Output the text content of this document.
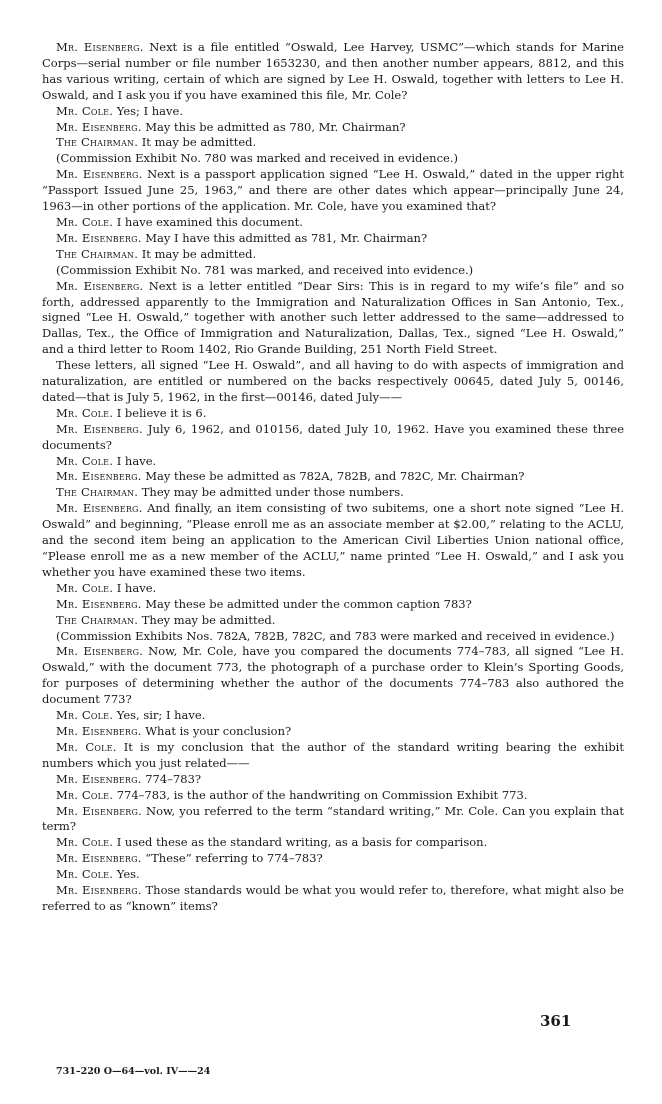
Mr. Eisenberg. Next is a file entitled “Oswald, Lee Harvey, USMC”—which stands for Marine Corps—serial number or file number 1653230, and then another number appears, 8812, and this has various writing, certain of which are signed by Lee H. Oswald, together with letters to Lee H. Oswald, and I ask you if you have examined this file, Mr. Cole?

Mr. Cole. Yes; I have.

Mr. Eisenberg. May this be admitted as 780, Mr. Chairman?

The Chairman. It may be admitted.

(Commission Exhibit No. 780 was marked and received in evidence.)

Mr. Eisenberg. Next is a passport application signed “Lee H. Oswald,” dated in the upper right “Passport Issued June 25, 1963,” and there are other dates which appear—principally June 24, 1963—in other portions of the application. Mr. Cole, have you examined that?

Mr. Cole. I have examined this document.

Mr. Eisenberg. May I have this admitted as 781, Mr. Chairman?

The Chairman. It may be admitted.

(Commission Exhibit No. 781 was marked, and received into evidence.)

Mr. Eisenberg. Next is a letter entitled “Dear Sirs: This is in regard to my wife’s file” and so forth, addressed apparently to the Immigration and Naturalization Offices in San Antonio, Tex., signed “Lee H. Oswald,” together with another such letter addressed to the same—addressed to Dallas, Tex., the Office of Immigration and Naturalization, Dallas, Tex., signed “Lee H. Oswald,” and a third letter to Room 1402, Rio Grande Building, 251 North Field Street.

These letters, all signed “Lee H. Oswald”, and all having to do with aspects of immigration and naturalization, are entitled or numbered on the backs respectively 00645, dated July 5, 00146, dated—that is July 5, 1962, in the first—00146, dated July——

Mr. Cole. I believe it is 6.

Mr. Eisenberg. July 6, 1962, and 010156, dated July 10, 1962. Have you examined these three documents?

Mr. Cole. I have.

Mr. Eisenberg. May these be admitted as 782A, 782B, and 782C, Mr. Chairman?

The Chairman. They may be admitted under those numbers.

Mr. Eisenberg. And finally, an item consisting of two subitems, one a short note signed “Lee H. Oswald” and beginning, “Please enroll me as an associate member at $2.00,” relating to the ACLU, and the second item being an application to the American Civil Liberties Union national office, “Please enroll me as a new member of the ACLU,” name printed “Lee H. Oswald,” and I ask you whether you have examined these two items.

Mr. Cole. I have.

Mr. Eisenberg. May these be admitted under the common caption 783?

The Chairman. They may be admitted.

(Commission Exhibits Nos. 782A, 782B, 782C, and 783 were marked and received in evidence.)

Mr. Eisenberg. Now, Mr. Cole, have you compared the documents 774–783, all signed “Lee H. Oswald,” with the document 773, the photograph of a purchase order to Klein’s Sporting Goods, for purposes of determining whether the author of the documents 774–783 also authored the document 773?

Mr. Cole. Yes, sir; I have.

Mr. Eisenberg. What is your conclusion?

Mr. Cole. It is my conclusion that the author of the standard writing bearing the exhibit numbers which you just related——

Mr. Eisenberg. 774–783?

Mr. Cole. 774–783, is the author of the handwriting on Commission Exhibit 773.

Mr. Eisenberg. Now, you referred to the term “standard writing,” Mr. Cole. Can you explain that term?

Mr. Cole. I used these as the standard writing, as a basis for comparison.

Mr. Eisenberg. “These” referring to 774–783?

Mr. Cole. Yes.

Mr. Eisenberg. Those standards would be what you would refer to, therefore, what might also be referred to as “known” items?

361
731–220 O—64—vol. IV——24
